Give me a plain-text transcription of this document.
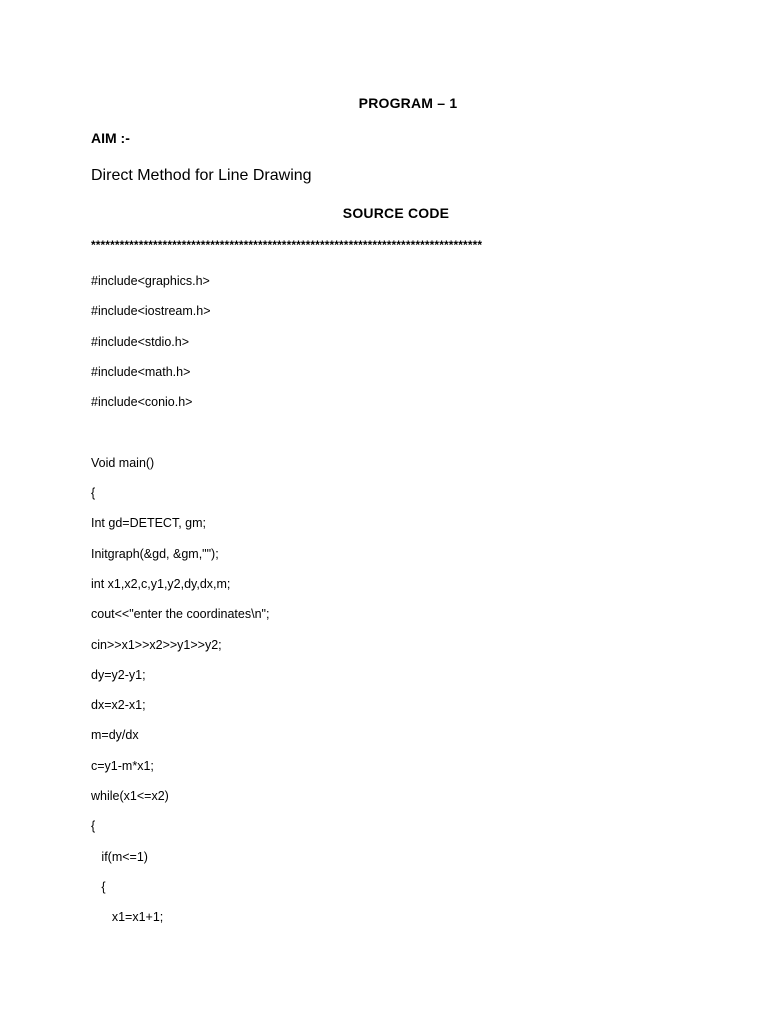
PROGRAM – 1
AIM :-
Direct Method for Line Drawing
SOURCE CODE
**********************************************************************************
#include<graphics.h>
#include<iostream.h>
#include<stdio.h>
#include<math.h>
#include<conio.h>
Void main()
{
Int gd=DETECT, gm;
Initgraph(&gd, &gm,"");
int x1,x2,c,y1,y2,dy,dx,m;
cout<<"enter the coordinates\n";
cin>>x1>>x2>>y1>>y2;
dy=y2-y1;
dx=x2-x1;
m=dy/dx
c=y1-m*x1;
while(x1<=x2)
{
if(m<=1)
{
x1=x1+1;
